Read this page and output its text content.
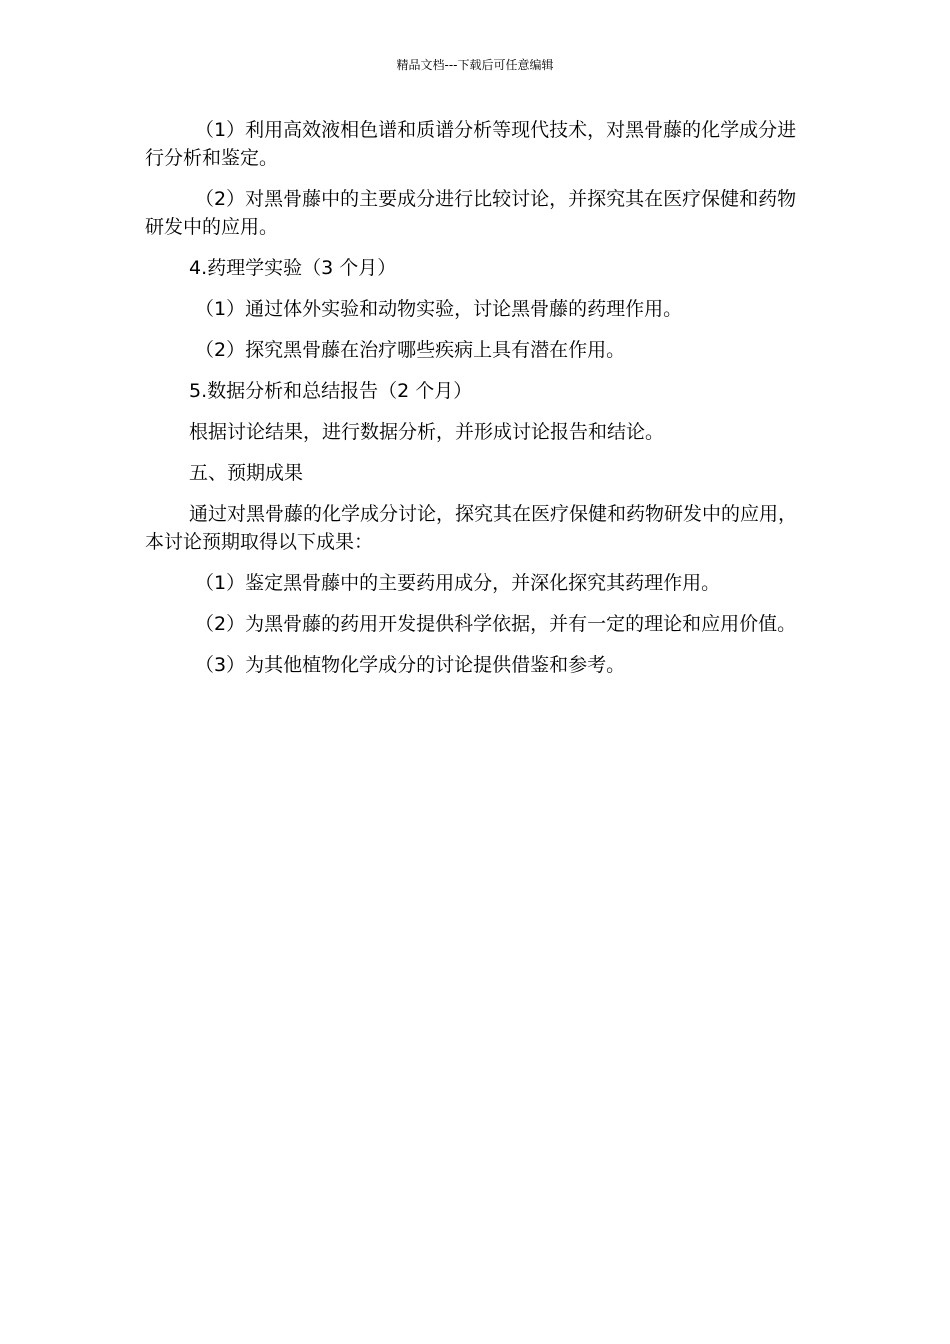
精品文档---下载后可任意编辑

（1）利用高效液相色谱和质谱分析等现代技术，对黑骨藤的化学成分进行分析和鉴定。

（2）对黑骨藤中的主要成分进行比较讨论，并探究其在医疗保健和药物研发中的应用。

4.药理学实验（3 个月）

（1）通过体外实验和动物实验，讨论黑骨藤的药理作用。

（2）探究黑骨藤在治疗哪些疾病上具有潜在作用。

5.数据分析和总结报告（2 个月）

根据讨论结果，进行数据分析，并形成讨论报告和结论。

五、预期成果

通过对黑骨藤的化学成分讨论，探究其在医疗保健和药物研发中的应用，本讨论预期取得以下成果：

（1）鉴定黑骨藤中的主要药用成分，并深化探究其药理作用。

（2）为黑骨藤的药用开发提供科学依据，并有一定的理论和应用价值。

（3）为其他植物化学成分的讨论提供借鉴和参考。
